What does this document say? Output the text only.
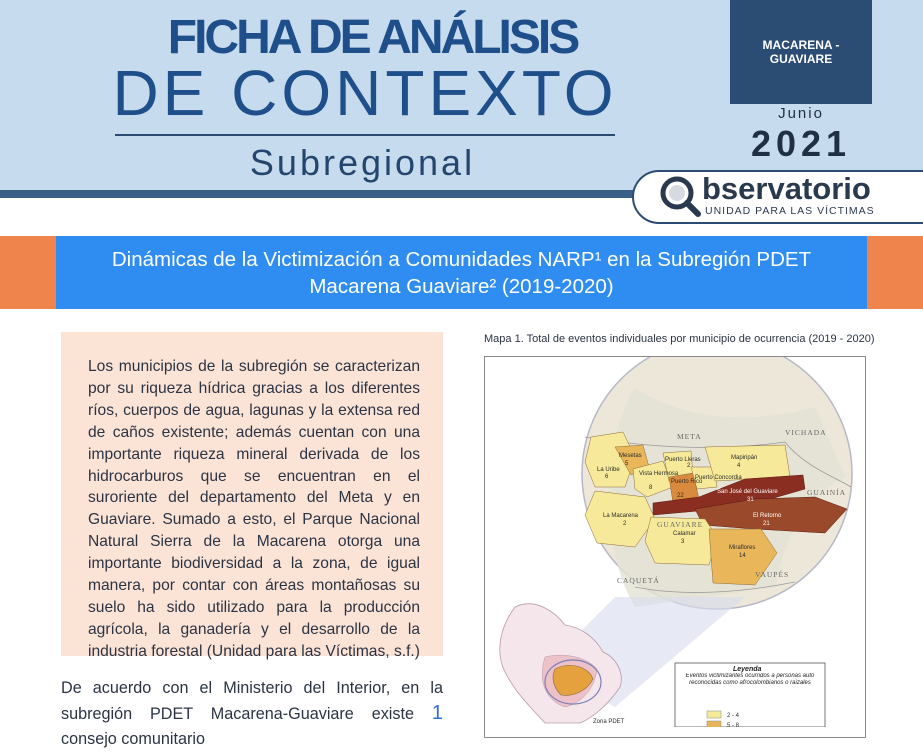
FICHA DE ANÁLISIS
DE CONTEXTO
Subregional
MACARENA - GUAVIARE
Junio
2021
bservatorio
UNIDAD PARA LAS VÍCTIMAS
Dinámicas de la Victimización a Comunidades NARP¹ en la Subregión PDET
Macarena Guaviare² (2019-2020)

Los municipios de la subregión se caracterizan por su riqueza hídrica gracias a los diferentes ríos, cuerpos de agua, lagunas y la extensa red de caños existente; además cuentan con una importante riqueza mineral derivada de los hidrocarburos que se encuentran en el suroriente del departamento del Meta y en Guaviare. Sumado a esto, el Parque Nacional Natural Sierra de la Macarena otorga una importante biodiversidad a la zona, de igual manera, por contar con áreas montañosas su suelo ha sido utilizado para la producción agrícola, la ganadería y el desarrollo de la industria forestal (Unidad para las Víctimas, s.f.)

De acuerdo con el Ministerio del Interior, en la subregión PDET Macarena-Guaviare existe 1 consejo comunitario

Mapa 1. Total de eventos individuales por municipio de ocurrencia (2019 - 2020)
META	VICHADA
GUAINÍA
GUAVIARE
CAQUETÁ
VAUPÉS
Mesetas
5
La Uribe
6
Puerto Lleras
2
Vista Hermosa
8
Puerto Rico
22
Puerto Concordia
Mapiripán
4
San José del Guaviare
31
El Retorno
21
La Macarena
2
Calamar
3
Miraflores
14
Zona PDET
Leyenda
Eventos victimizantes ocurridos a personas auto reconocidas como afrocolombianos o raizales
2 - 4
5 - 8
